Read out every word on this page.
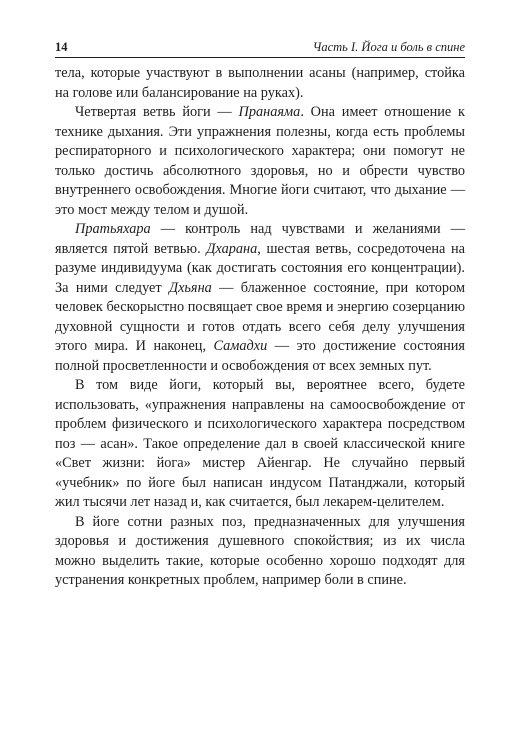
14	Часть I. Йога и боль в спине

тела, которые участвуют в выполнении асаны (например, стойка на голове или балансирование на руках).

Четвертая ветвь йоги — Пранаяма. Она имеет отношение к технике дыхания. Эти упражнения полезны, когда есть проблемы респираторного и психологического характера; они помогут не только достичь абсолютного здоровья, но и обрести чувство внутреннего освобождения. Многие йоги считают, что дыхание — это мост между телом и душой.

Пратьяхара — контроль над чувствами и желаниями — является пятой ветвью. Дхарана, шестая ветвь, сосредоточена на разуме индивидуума (как достигать состояния его концентрации). За ними следует Дхьяна — блаженное состояние, при котором человек бескорыстно посвящает свое время и энергию созерцанию духовной сущности и готов отдать всего себя делу улучшения этого мира. И наконец, Самадхи — это достижение состояния полной просветленности и освобождения от всех земных пут.

В том виде йоги, который вы, вероятнее всего, будете использовать, «упражнения направлены на самоосвобождение от проблем физического и психологического характера посредством поз — асан». Такое определение дал в своей классической книге «Свет жизни: йога» мистер Айенгар. Не случайно первый «учебник» по йоге был написан индусом Патанджали, который жил тысячи лет назад и, как считается, был лекарем-целителем.

В йоге сотни разных поз, предназначенных для улучшения здоровья и достижения душевного спокойствия; из их числа можно выделить такие, которые особенно хорошо подходят для устранения конкретных проблем, например боли в спине.
